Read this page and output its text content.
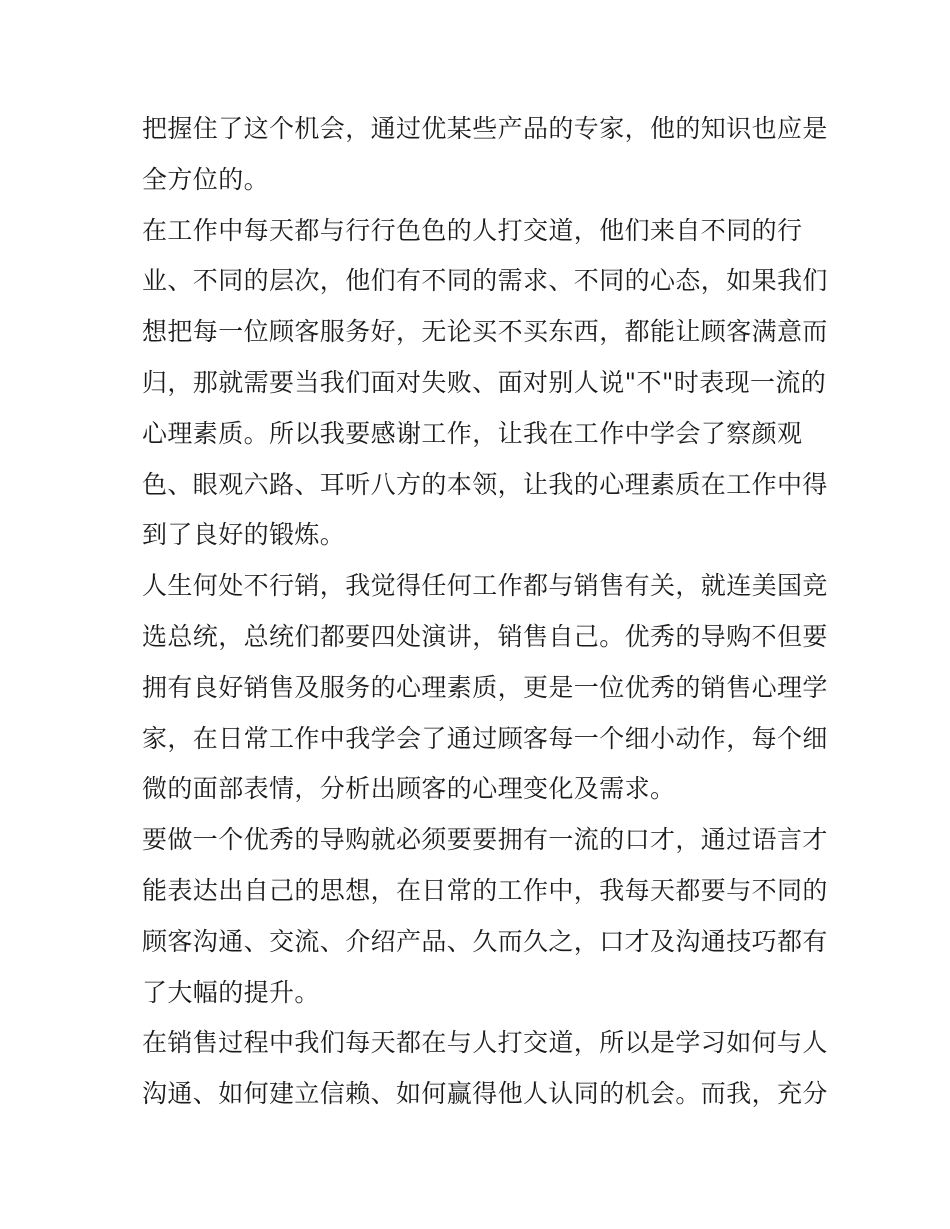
把握住了这个机会，通过优某些产品的专家，他的知识也应是
全方位的。
在工作中每天都与行行色色的人打交道，他们来自不同的行
业、不同的层次，他们有不同的需求、不同的心态，如果我们
想把每一位顾客服务好，无论买不买东西，都能让顾客满意而
归，那就需要当我们面对失败、面对别人说"不"时表现一流的
心理素质。所以我要感谢工作，让我在工作中学会了察颜观
色、眼观六路、耳听八方的本领，让我的心理素质在工作中得
到了良好的锻炼。
人生何处不行销，我觉得任何工作都与销售有关，就连美国竞
选总统，总统们都要四处演讲，销售自己。优秀的导购不但要
拥有良好销售及服务的心理素质，更是一位优秀的销售心理学
家，在日常工作中我学会了通过顾客每一个细小动作，每个细
微的面部表情，分析出顾客的心理变化及需求。
要做一个优秀的导购就必须要要拥有一流的口才，通过语言才
能表达出自己的思想，在日常的工作中，我每天都要与不同的
顾客沟通、交流、介绍产品、久而久之，口才及沟通技巧都有
了大幅的提升。
在销售过程中我们每天都在与人打交道，所以是学习如何与人
沟通、如何建立信赖、如何赢得他人认同的机会。而我，充分
